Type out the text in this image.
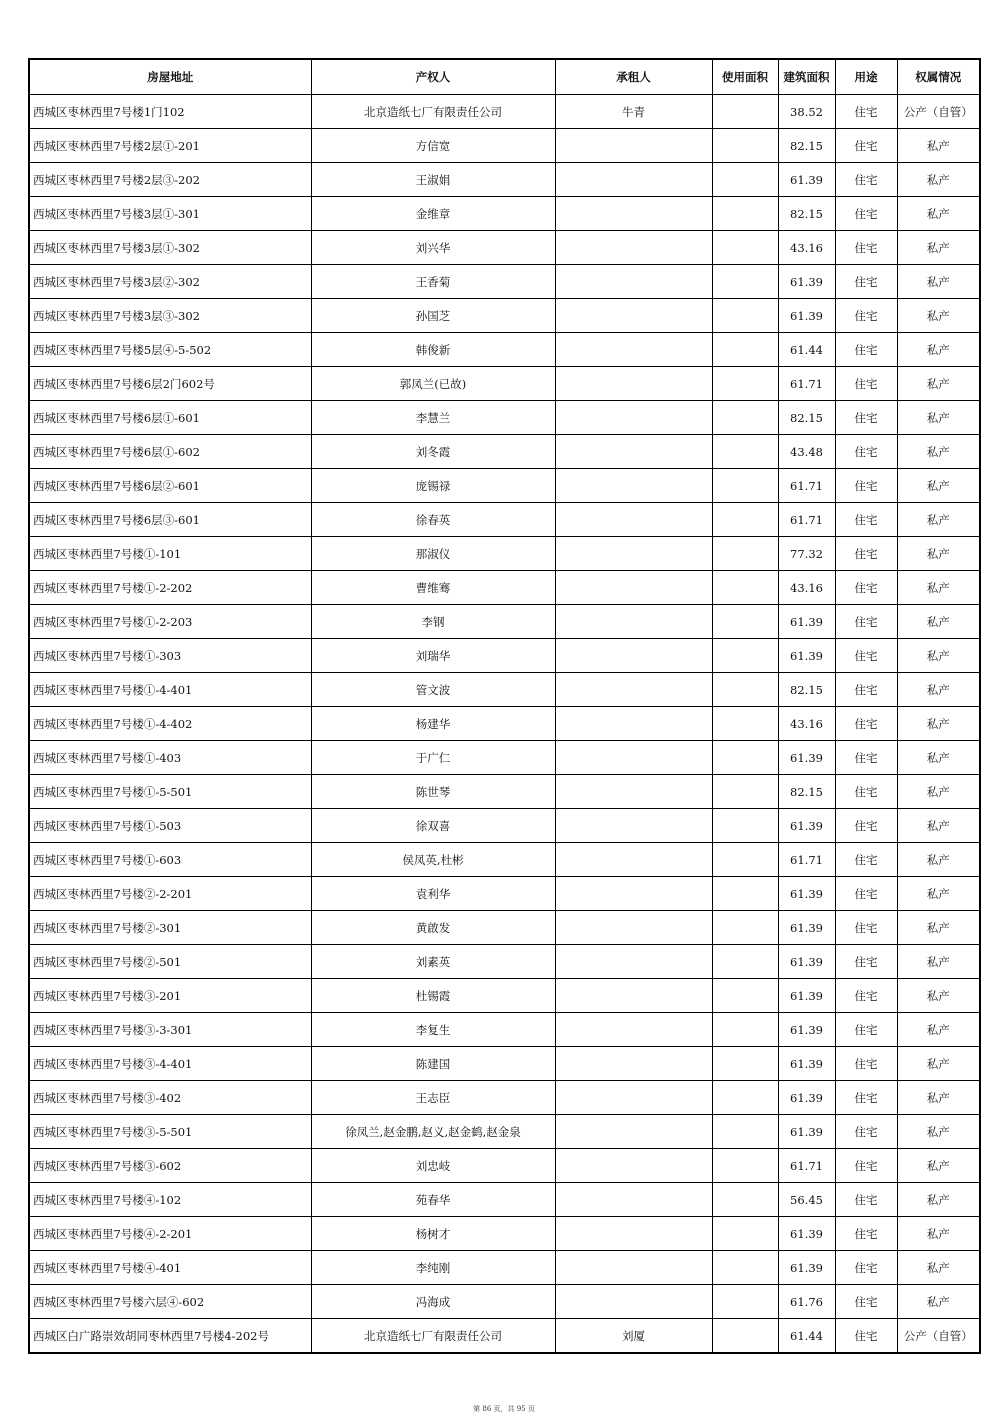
房屋地址	产权人	承租人	使用面积	建筑面积	用途	权属情况
西城区枣林西里7号楼1门102	北京造纸七厂有限责任公司	牛青		38.52	住宅	公产（自管）
西城区枣林西里7号楼2层①-201	方信宽			82.15	住宅	私产
西城区枣林西里7号楼2层③-202	王淑娟			61.39	住宅	私产
西城区枣林西里7号楼3层①-301	金维章			82.15	住宅	私产
西城区枣林西里7号楼3层①-302	刘兴华			43.16	住宅	私产
西城区枣林西里7号楼3层②-302	王香菊			61.39	住宅	私产
西城区枣林西里7号楼3层③-302	孙国芝			61.39	住宅	私产
西城区枣林西里7号楼5层④-5-502	韩俊新			61.44	住宅	私产
西城区枣林西里7号楼6层2门602号	郭凤兰(已故)			61.71	住宅	私产
西城区枣林西里7号楼6层①-601	李慧兰			82.15	住宅	私产
西城区枣林西里7号楼6层①-602	刘冬霞			43.48	住宅	私产
西城区枣林西里7号楼6层②-601	庞锡禄			61.71	住宅	私产
西城区枣林西里7号楼6层③-601	徐春英			61.71	住宅	私产
西城区枣林西里7号楼①-101	那淑仪			77.32	住宅	私产
西城区枣林西里7号楼①-2-202	曹维骞			43.16	住宅	私产
西城区枣林西里7号楼①-2-203	李钢			61.39	住宅	私产
西城区枣林西里7号楼①-303	刘瑞华			61.39	住宅	私产
西城区枣林西里7号楼①-4-401	管文波			82.15	住宅	私产
西城区枣林西里7号楼①-4-402	杨建华			43.16	住宅	私产
西城区枣林西里7号楼①-403	于广仁			61.39	住宅	私产
西城区枣林西里7号楼①-5-501	陈世琴			82.15	住宅	私产
西城区枣林西里7号楼①-503	徐双喜			61.39	住宅	私产
西城区枣林西里7号楼①-603	侯凤英,杜彬			61.71	住宅	私产
西城区枣林西里7号楼②-2-201	袁利华			61.39	住宅	私产
西城区枣林西里7号楼②-301	黄啟发			61.39	住宅	私产
西城区枣林西里7号楼②-501	刘素英			61.39	住宅	私产
西城区枣林西里7号楼③-201	杜锡霞			61.39	住宅	私产
西城区枣林西里7号楼③-3-301	李复生			61.39	住宅	私产
西城区枣林西里7号楼③-4-401	陈建国			61.39	住宅	私产
西城区枣林西里7号楼③-402	王志臣			61.39	住宅	私产
西城区枣林西里7号楼③-5-501	徐凤兰,赵金鹏,赵义,赵金鹤,赵金泉			61.39	住宅	私产
西城区枣林西里7号楼③-602	刘忠岐			61.71	住宅	私产
西城区枣林西里7号楼④-102	苑春华			56.45	住宅	私产
西城区枣林西里7号楼④-2-201	杨树才			61.39	住宅	私产
西城区枣林西里7号楼④-401	李纯刚			61.39	住宅	私产
西城区枣林西里7号楼六层④-602	冯海成			61.76	住宅	私产
西城区白广路崇效胡同枣林西里7号楼4-202号	北京造纸七厂有限责任公司	刘厦		61.44	住宅	公产（自管）
第 86 页，共 95 页
